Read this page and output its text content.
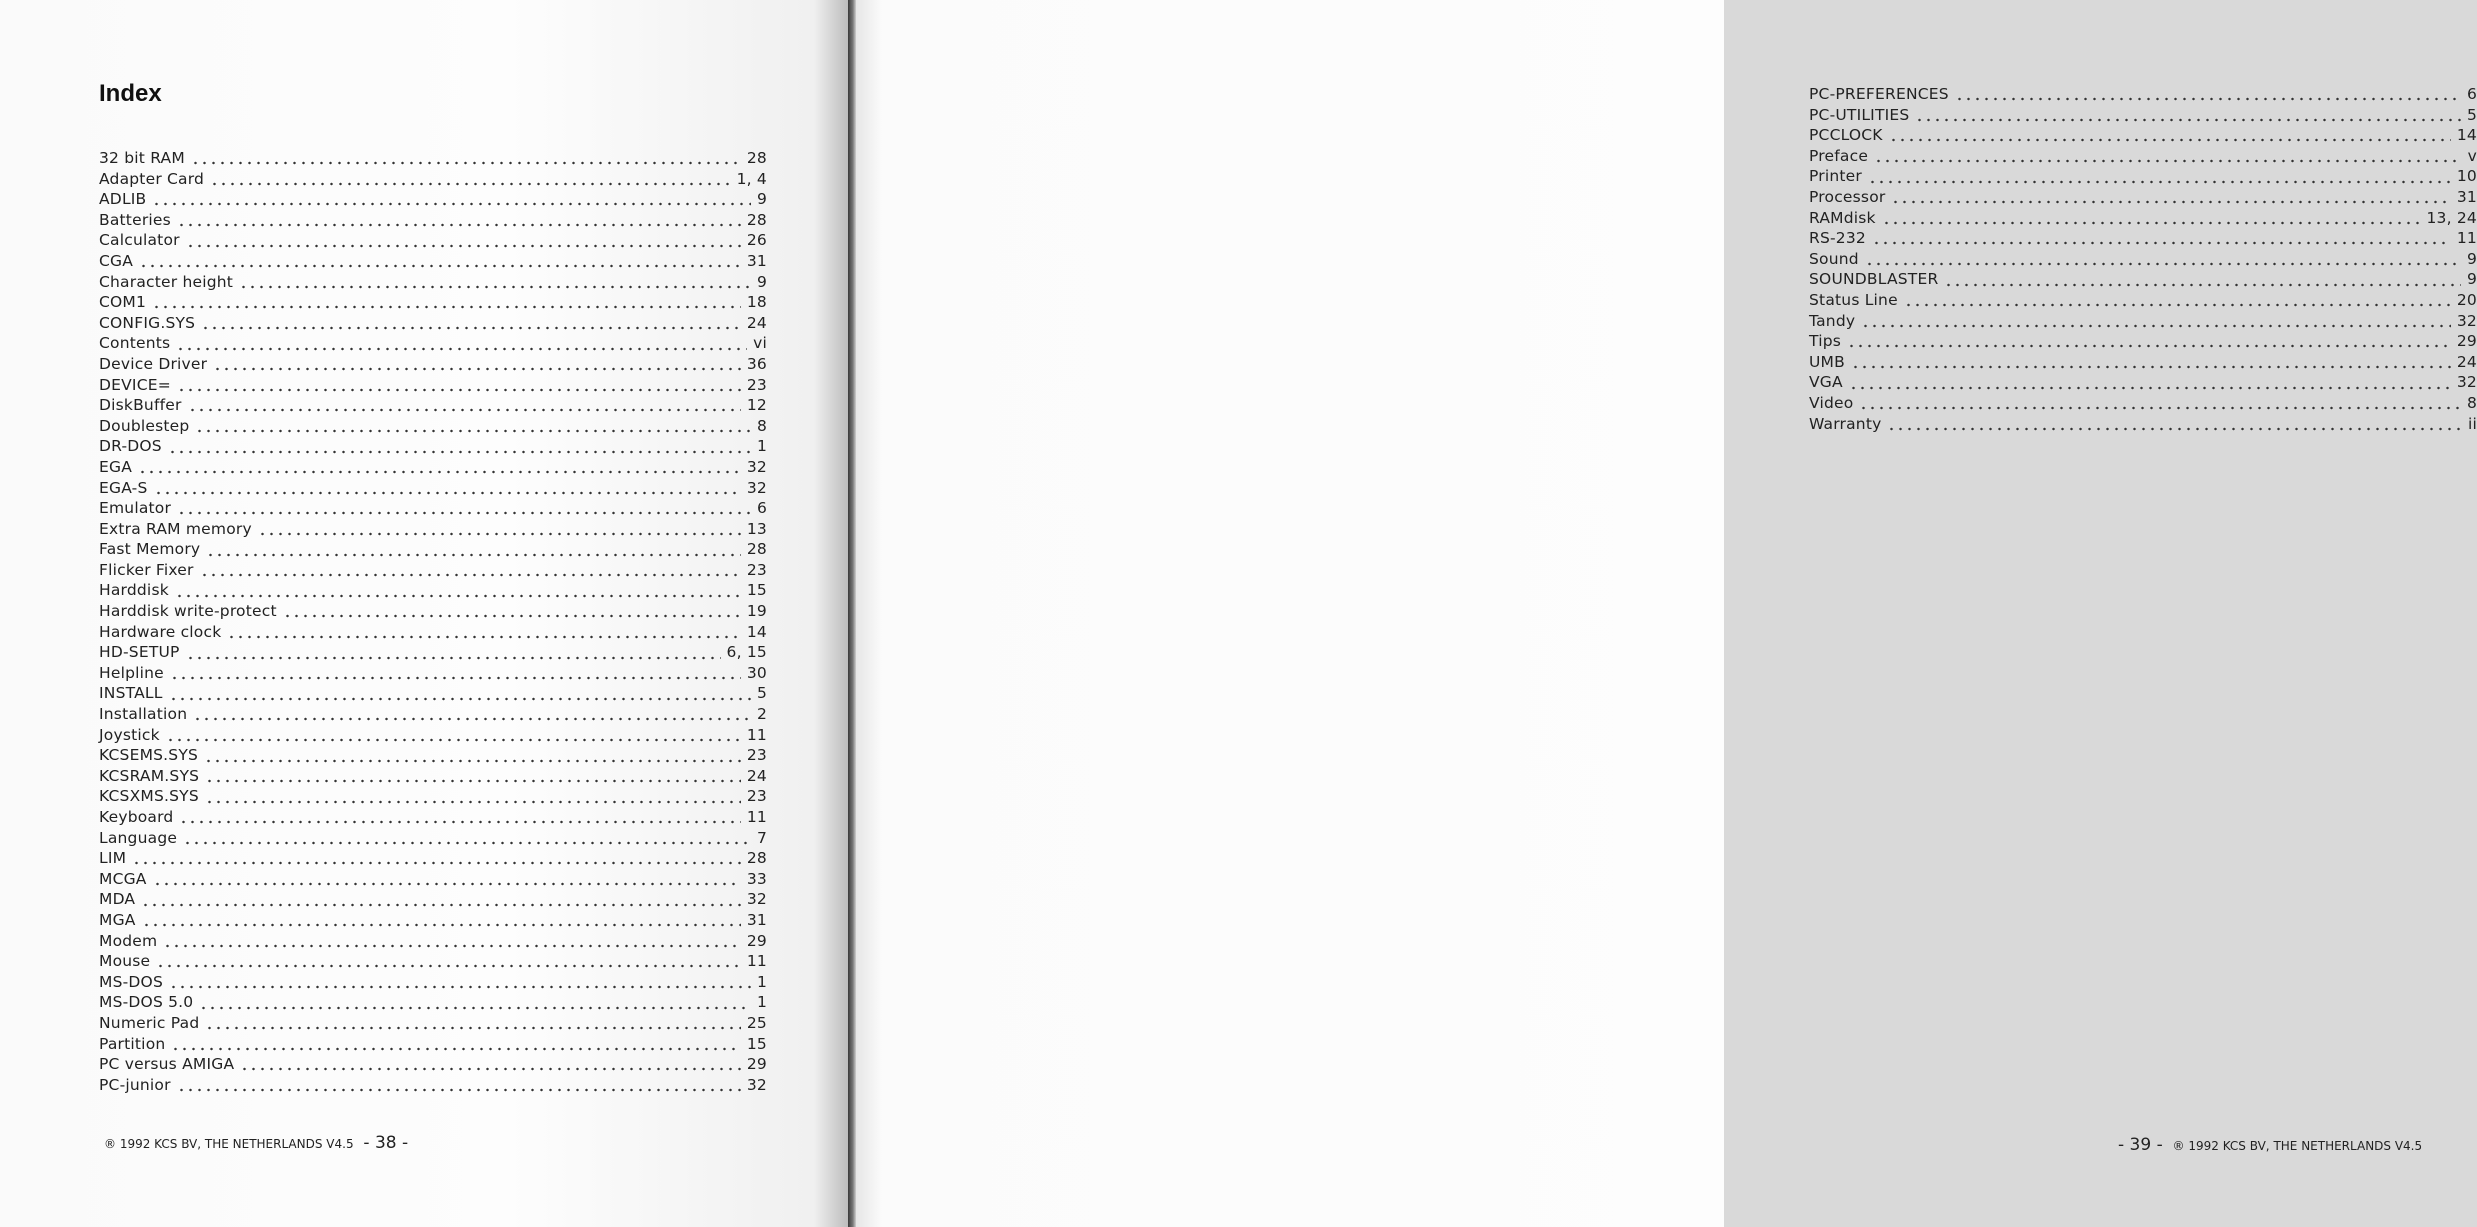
Index
32 bit RAM	28
Adapter Card	1, 4
ADLIB	9
Batteries	28
Calculator	26
CGA	31
Character height	9
COM1	18
CONFIG.SYS	24
Contents	vi
Device Driver	36
DEVICE=	23
DiskBuffer	12
Doublestep	8
DR-DOS	1
EGA	32
EGA-S	32
Emulator	6
Extra RAM memory	13
Fast Memory	28
Flicker Fixer	23
Harddisk	15
Harddisk write-protect	19
Hardware clock	14
HD-SETUP	6, 15
Helpline	30
INSTALL	5
Installation	2
Joystick	11
KCSEMS.SYS	23
KCSRAM.SYS	24
KCSXMS.SYS	23
Keyboard	11
Language	7
LIM	28
MCGA	33
MDA	32
MGA	31
Modem	29
Mouse	11
MS-DOS	1
MS-DOS 5.0	1
Numeric Pad	25
Partition	15
PC versus AMIGA	29
PC-junior	32
® 1992 KCS BV, THE NETHERLANDS V4.5 - 38 -
PC-PREFERENCES	6
PC-UTILITIES	5
PCCLOCK	14
Preface	v
Printer	10
Processor	31
RAMdisk	13, 24
RS-232	11
Sound	9
SOUNDBLASTER	9
Status Line	20
Tandy	32
Tips	29
UMB	24
VGA	32
Video	8
Warranty	ii
- 39 - ® 1992 KCS BV, THE NETHERLANDS V4.5
